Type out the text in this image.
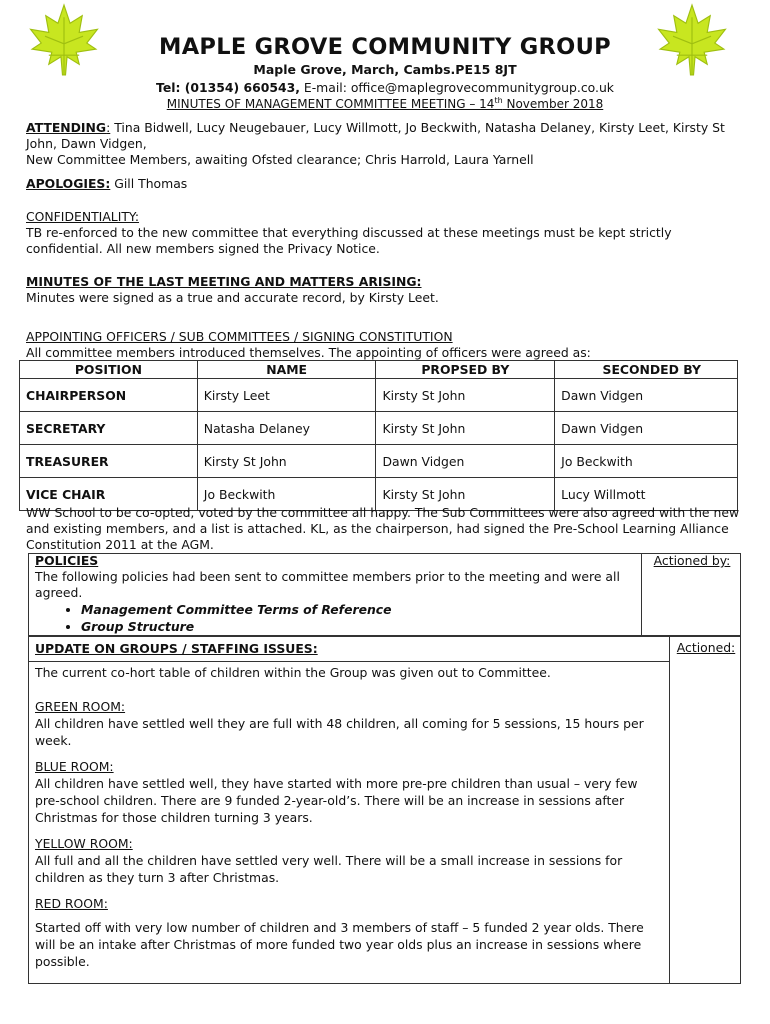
MAPLE GROVE COMMUNITY GROUP
Maple Grove, March, Cambs.PE15 8JT
Tel: (01354) 660543, E-mail: office@maplegrovecommunitygroup.co.uk
MINUTES OF MANAGEMENT COMMITTEE MEETING – 14th November 2018
ATTENDING: Tina Bidwell, Lucy Neugebauer, Lucy Willmott, Jo Beckwith, Natasha Delaney, Kirsty Leet, Kirsty St John, Dawn Vidgen,
New Committee Members, awaiting Ofsted clearance; Chris Harrold, Laura Yarnell
APOLOGIES: Gill Thomas
CONFIDENTIALITY:
TB re-enforced to the new committee that everything discussed at these meetings must be kept strictly confidential. All new members signed the Privacy Notice.
MINUTES OF THE LAST MEETING AND MATTERS ARISING:
Minutes were signed as a true and accurate record, by Kirsty Leet.
APPOINTING OFFICERS / SUB COMMITTEES / SIGNING CONSTITUTION
All committee members introduced themselves. The appointing of officers were agreed as:
POSITION	NAME	PROPSED BY	SECONDED BY
CHAIRPERSON	Kirsty Leet	Kirsty St John	Dawn Vidgen
SECRETARY	Natasha Delaney	Kirsty St John	Dawn Vidgen
TREASURER	Kirsty St John	Dawn Vidgen	Jo Beckwith
VICE CHAIR	Jo Beckwith	Kirsty St John	Lucy Willmott
WW School to be co-opted, voted by the committee all happy. The Sub Committees were also agreed with the new and existing members, and a list is attached. KL, as the chairperson, had signed the Pre-School Learning Alliance Constitution 2011 at the AGM.
Actioned by:
POLICIES
The following policies had been sent to committee members prior to the meeting and were all agreed.
• Management Committee Terms of Reference
• Group Structure
Actioned:
UPDATE ON GROUPS / STAFFING ISSUES:

The current co-hort table of children within the Group was given out to Committee.

GREEN ROOM:

All children have settled well they are full with 48 children, all coming for 5 sessions, 15 hours per week.

BLUE ROOM:

All children have settled well, they have started with more pre-pre children than usual – very few pre-school children. There are 9 funded 2-year-old’s. There will be an increase in sessions after Christmas for those children turning 3 years.

YELLOW ROOM:

All full and all the children have settled very well. There will be a small increase in sessions for children as they turn 3 after Christmas.

RED ROOM:

Started off with very low number of children and 3 members of staff – 5 funded 2 year olds. There will be an intake after Christmas of more funded two year olds plus an increase in sessions where possible.
